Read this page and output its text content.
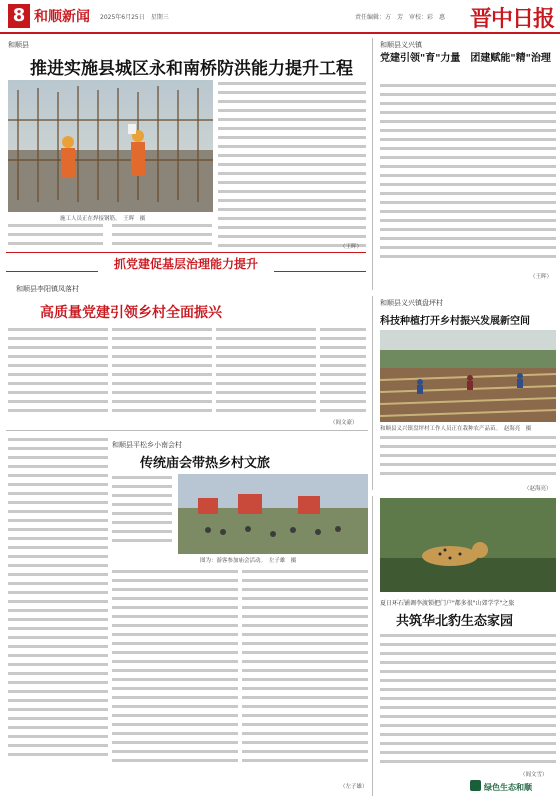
8 和顺新闻 2025年6月25日　星期三	责任编辑：方　芳　审校：彩　惠 晋中日报
和顺县
推进实施县城区永和南桥防洪能力提升工程
施工人员正在焊接钢筋。　王晖　摄
（王晖）
和顺县义兴镇
党建引领"育"力量　团建赋能"精"治理
（王晖）
抓党建促基层治理能力提升
和顺县李阳镇凤落村
高质量党建引领乡村全面振兴
（阎文豪）
和顺县义兴镇盘坪村
科技种植打开乡村振兴发展新空间
和顺县义兴镇盘坪村工作人员正在栽种农产品苗。　赵海亮　摄
（赵海亮）
和顺县平松乡小南会村
传统庙会带热乡村文旅
图为：游客参加庙会活动。　左子雄　摄
（左子雄）
夏日环石铺调李渡锁把门户"都多很"山郊学学"之旅
共筑华北豹生态家园
（阎文雪）
绿色生态和顺
